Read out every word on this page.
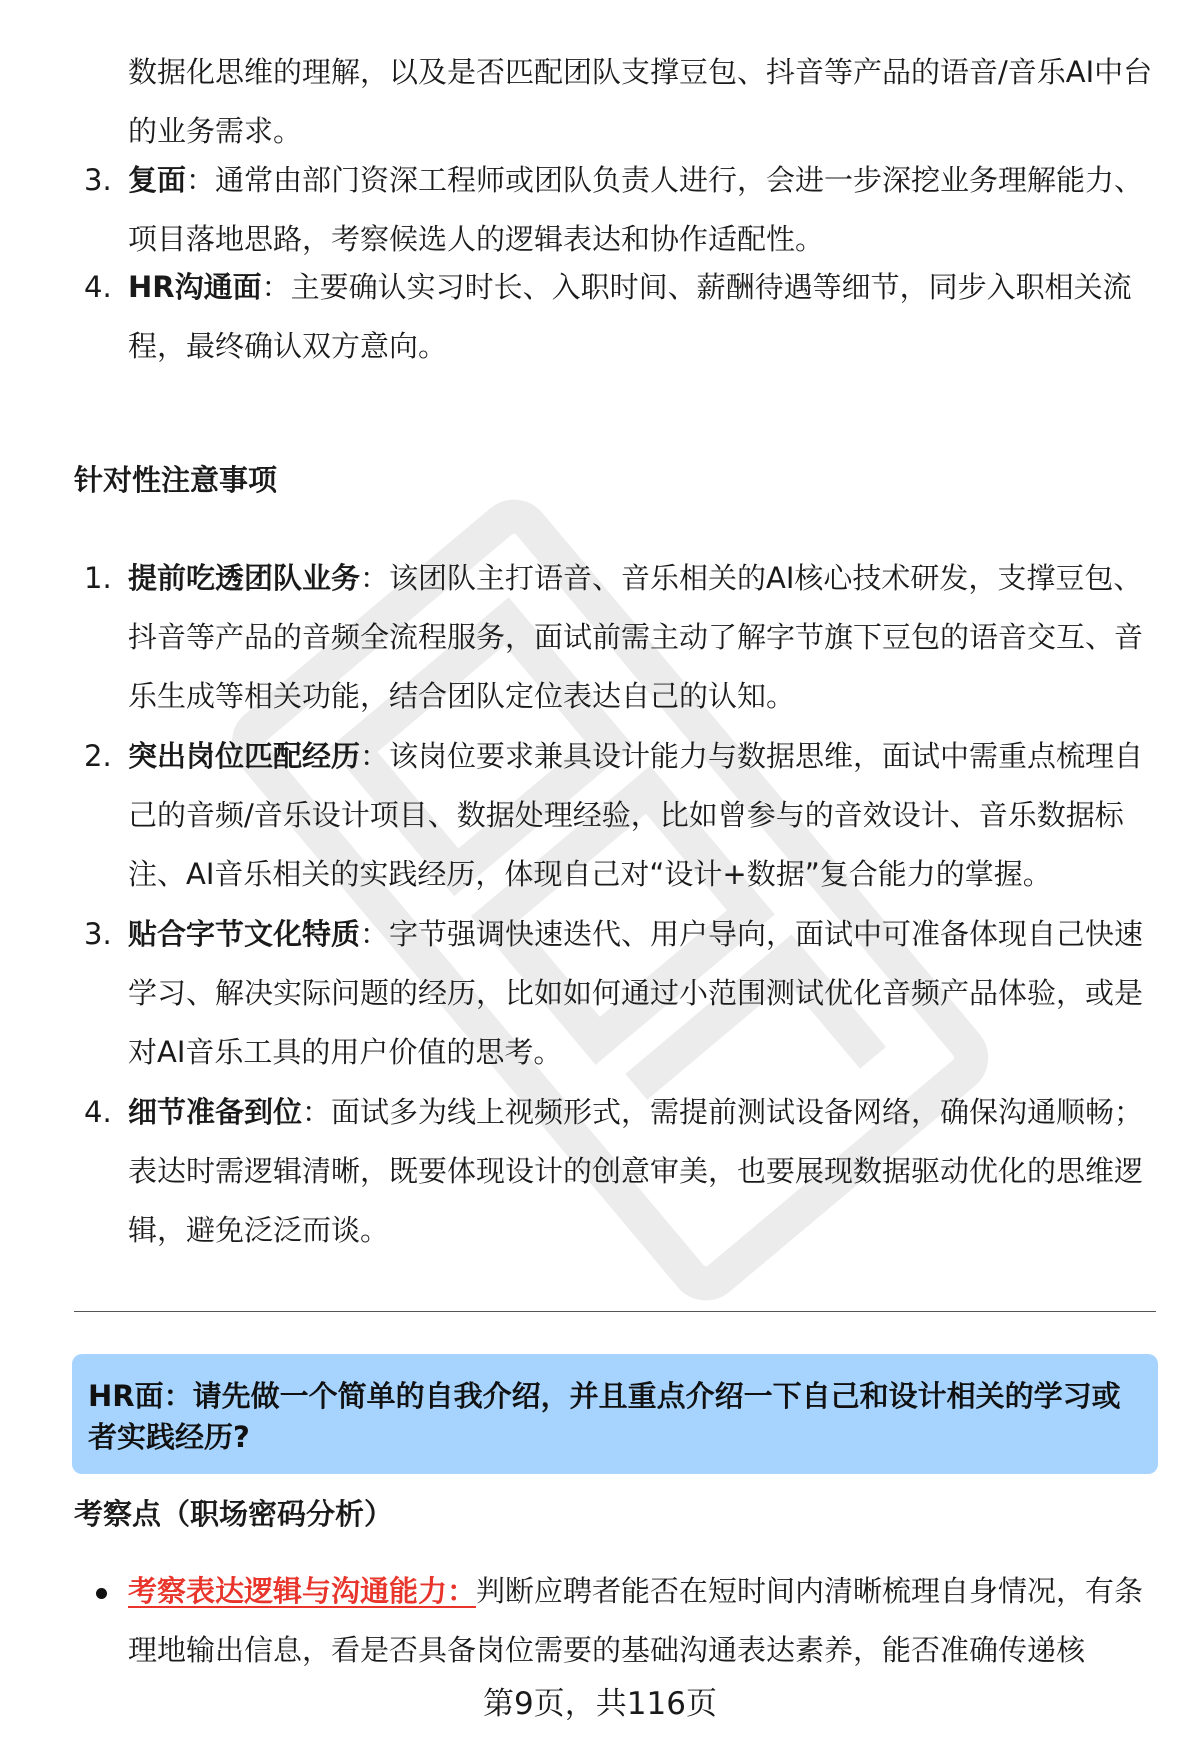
数据化思维的理解，以及是否匹配团队支撑豆包、抖音等产品的语音/音乐AI中台的业务需求。

3. 复面：通常由部门资深工程师或团队负责人进行，会进一步深挖业务理解能力、项目落地思路，考察候选人的逻辑表达和协作适配性。
4. HR沟通面：主要确认实习时长、入职时间、薪酬待遇等细节，同步入职相关流程，最终确认双方意向。
针对性注意事项
1. 提前吃透团队业务：该团队主打语音、音乐相关的AI核心技术研发，支撑豆包、抖音等产品的音频全流程服务，面试前需主动了解字节旗下豆包的语音交互、音乐生成等相关功能，结合团队定位表达自己的认知。
2. 突出岗位匹配经历：该岗位要求兼具设计能力与数据思维，面试中需重点梳理自己的音频/音乐设计项目、数据处理经验，比如曾参与的音效设计、音乐数据标注、AI音乐相关的实践经历，体现自己对“设计+数据”复合能力的掌握。
3. 贴合字节文化特质：字节强调快速迭代、用户导向，面试中可准备体现自己快速学习、解决实际问题的经历，比如如何通过小范围测试优化音频产品体验，或是对AI音乐工具的用户价值的思考。
4. 细节准备到位：面试多为线上视频形式，需提前测试设备网络，确保沟通顺畅；表达时需逻辑清晰，既要体现设计的创意审美，也要展现数据驱动优化的思维逻辑，避免泛泛而谈。
HR面：请先做一个简单的自我介绍，并且重点介绍一下自己和设计相关的学习或者实践经历?
考察点（职场密码分析）
考察表达逻辑与沟通能力：判断应聘者能否在短时间内清晰梳理自身情况，有条理地输出信息，看是否具备岗位需要的基础沟通表达素养，能否准确传递核
第9页，共116页
